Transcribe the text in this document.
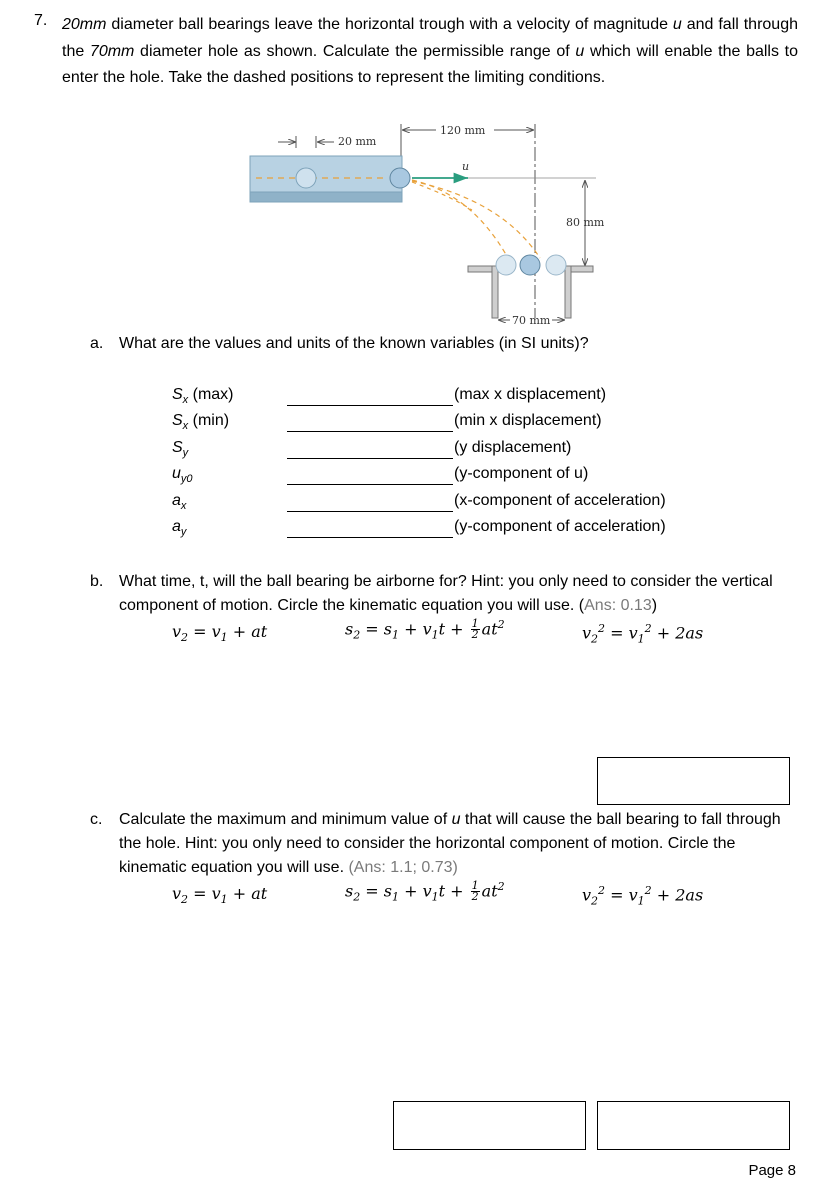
7. 20mm diameter ball bearings leave the horizontal trough with a velocity of magnitude u and fall through the 70mm diameter hole as shown. Calculate the permissible range of u which will enable the balls to enter the hole. Take the dashed positions to represent the limiting conditions.
20 mm
120 mm
u
80 mm
70 mm
a. What are the values and units of the known variables (in SI units)?
$S_x$ (max)	(max x displacement)
$S_x$ (min)	(min x displacement)
$S_y$	(y displacement)
$u_{y0}$	(y-component of u)
$a_x$	(x-component of acceleration)
$a_y$	(y-component of acceleration)
b. What time, t, will the ball bearing be airborne for? Hint: you only need to consider the vertical component of motion. Circle the kinematic equation you will use. (Ans: 0.13)
$v_2 = v_1$ + at	$s_2 = s_1 + v_1t + \frac{1}{2} at^2$	$v_2^2 = v_1^2 + 2as$
c. Calculate the maximum and minimum value of u that will cause the ball bearing to fall through the hole. Hint: you only need to consider the horizontal component of motion. Circle the kinematic equation you will use. (Ans: 1.1; 0.73)
$v_2 = v_1$ + at	$s_2 = s_1 + v_1t + \frac{1}{2} at^2$	$v_2^2 = v_1^2 + 2as$
Page 8
